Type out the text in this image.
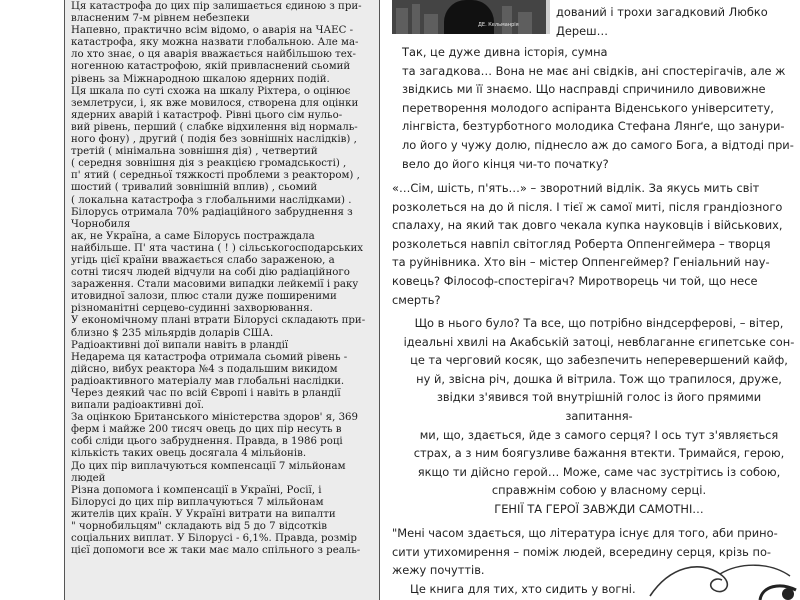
Ця катастрофа до цих пір залишається єдиною з при-
власненим 7-м рівнем небезпеки

Напевно, практично всім відомо, о аварія на ЧАЕС -
катастрофа, яку можна назвати глобальною. Але ма-
ло хто знає, о ця аварія вважається найбільшою тех-
ногенною катастрофою, якій привласнений сьомий
рівень за Міжнародною шкалою ядерних подій.

Ця шкала по суті схожа на шкалу Ріхтера, о оцінює
землетруси, і, як вже мовилося, створена для оцінки
ядерних аварій і катастроф. Рівні цього сім нульо-
вий рівень, перший ( слабке відхилення від нормаль-
ного фону) , другий ( подія без зовнішніх наслідків) ,
третій ( мінімальна зовнішня дія) , четвертий
( середня зовнішня дія з реакцією громадськості) ,
п' ятий ( середньої тяжкості проблеми з реактором) ,
шостий ( тривалий зовнішній вплив) , сьомий
( локальна катастрофа з глобальними наслідками) .

Білорусь отримала 70% радіаційного забруднення з
Чорнобиля

ак, не Україна, а саме Білорусь постраждала
найбільше. П' ята частина ( ! ) сільськогосподарських
угідь цієї країни вважається слабо зараженою, а
сотні тисяч людей відчули на собі дію радіаційного
зараження. Стали масовими випадки лейкемії і раку
итовидної залози, плюс стали дуже поширеними
різноманітні серцево-судинні захворювання.

У економічному плані втрати Білорусі складають при-
близно $ 235 мільярдів доларів США.

Радіоактивні дої випали навіть в рландії

Недарема ця катастрофа отримала сьомий рівень -
дійсно, вибух реактора №4 з подальшим викидом
радіоактивного матеріалу мав глобальні наслідки.
Через деякий час по всій Європі і навіть в рландії
випали радіоактивні дої.

За оцінкою Британського міністерства здоров' я, 369
ферм і майже 200 тисяч овець до цих пір несуть в
собі сліди цього забруднення. Правда, в 1986 році
кількість таких овець досягала 4 мільйонів.

До цих пір виплачуються компенсації 7 мільйонам
людей

Різна допомога і компенсації в Україні, Росії, і
Білорусі до цих пір виплачуються 7 мільйонам
жителів цих країн. У Україні витрати на випалти
" чорнобильцям" складають від 5 до 7 відсотків
соціальних виплат. У Білорусі - 6,1%. Правда, розмір
цієї допомоги все ж таки має мало спільного з реаль-

ДЕ. Кельманрія

дований і трохи загадковий Любко
Дереш…

Так, це дуже дивна історія, сумна
та загадкова… Вона не має ані свідків, ані спостерігачів, але ж
звідкись ми її знаємо. Що насправді спричинило дивовижне
перетворення молодого аспіранта Віденського університету,
лінгвіста, безтурботного молодика Стефана Лянґе, що занури-
ло його у чужу долю, піднесло аж до самого Бога, а відтоді при-
вело до його кінця чи-то початку?

«…Сім, шість, п'ять…» – зворотний відлік. За якусь мить світ
розколеться на до й після. І тієї ж самої миті, після грандіозного
спалаху, на який так довго чекала купка науковців і військових,
розколеться навпіл світогляд Роберта Оппенгеймера – творця
та руйнівника. Хто він – містер Оппенгеймер? Геніальний нау-
ковець? Філософ-спостерігач? Миротворець чи той, що несе
смерть?

Що в нього було? Та все, що потрібно віндсерферові, – вітер,
ідеальні хвилі на Акабській затоці, невблаганне єгипетське сон-
це та черговий косяк, що забезпечить неперевершений кайф,
ну й, звісна річ, дошка й вітрила. Тож що трапилося, друже,
звідки з'явився той внутрішній голос із його прямими запитання-
ми, що, здається, йде з самого серця? І ось тут з'являється
страх, а з ним боягузливе бажання втекти. Тримайся, герою,
якщо ти дійсно герой… Може, саме час зустрітись із собою,
справжнім собою у власному серці.
ГЕНІЇ ТА ГЕРОЇ ЗАВЖДИ САМОТНІ…

"Мені часом здається, що література існує для того, аби прино-
сити утихомирення – поміж людей, всередину серця, крізь по-
жежу почуттів.

Це книга для тих, хто сидить у вогні.
